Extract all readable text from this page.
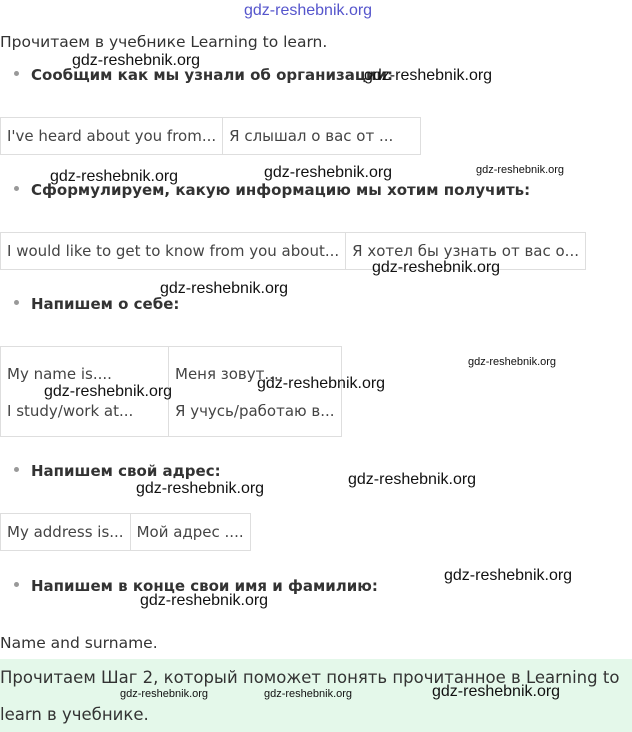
gdz-reshebnik.org
Прочитаем в учебнике Learning to learn.
Сообщим как мы узнали об организации:
I've heard about you from...	Я слышал о вас от ...
Сформулируем, какую информацию мы хотим получить:
I would like to get to know from you about...	Я хотел бы узнать от вас о...
Напишем о себе:
My name is....	Меня зовут....
I study/work at...	Я учусь/работаю в...
Напишем свой адрес:
My address is...	Мой адрес ....
Напишем в конце свои имя и фамилию:
Name and surname.
Прочитаем Шаг 2, который поможет понять прочитанное в Learning to
learn в учебнике.
gdz-reshebnik.org
gdz-reshebnik.org
gdz-reshebnik.org	gdz-reshebnik.org	gdz-reshebnik.org
gdz-reshebnik.org
gdz-reshebnik.org
gdz-reshebnik.org
gdz-reshebnik.org
gdz-reshebnik.org
gdz-reshebnik.org
gdz-reshebnik.org
gdz-reshebnik.org
gdz-reshebnik.org
gdz-reshebnik.org	gdz-reshebnik.org	gdz-reshebnik.org
